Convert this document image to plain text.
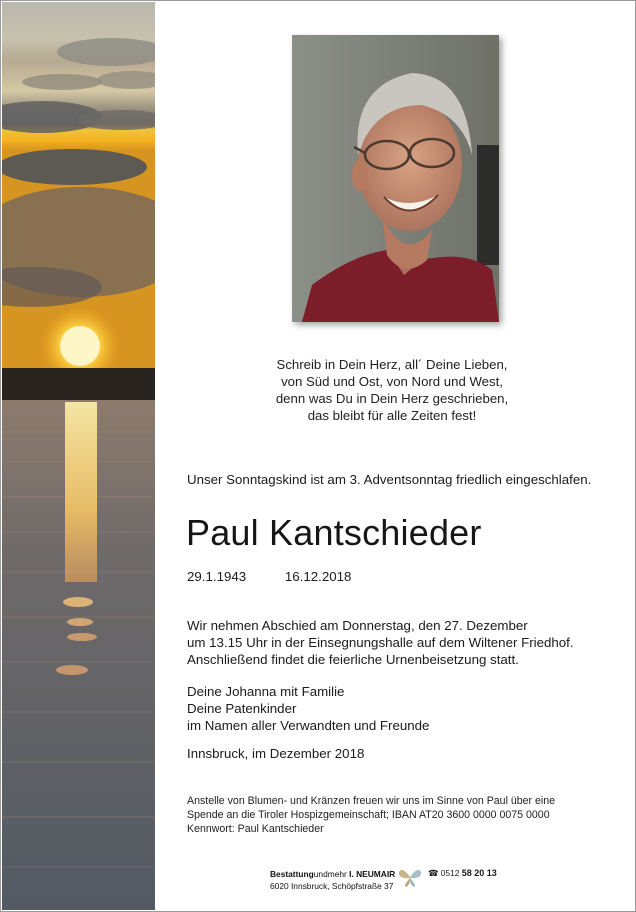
Schreib in Dein Herz, all´ Deine Lieben,
von Süd und Ost, von Nord und West,
denn was Du in Dein Herz geschrieben,
das bleibt für alle Zeiten fest!
Unser Sonntagskind ist am 3. Adventsonntag friedlich eingeschlafen.
Paul Kantschieder
29.1.1943	16.12.2018
Wir nehmen Abschied am Donnerstag, den 27. Dezember
um 13.15 Uhr in der Einsegnungshalle auf dem Wiltener Friedhof.
Anschließend findet die feierliche Urnenbeisetzung statt.
Deine Johanna mit Familie
Deine Patenkinder
im Namen aller Verwandten und Freunde
Innsbruck, im Dezember 2018
Anstelle von Blumen- und Kränzen freuen wir uns im Sinne von Paul über eine
Spende an die Tiroler Hospizgemeinschaft; IBAN AT20 3600 0000 0075 0000
Kennwort: Paul Kantschieder
Bestattungundmehr I. NEUMAIR
6020 Innsbruck, Schöpfstraße 37
☎ 0512 58 20 13
